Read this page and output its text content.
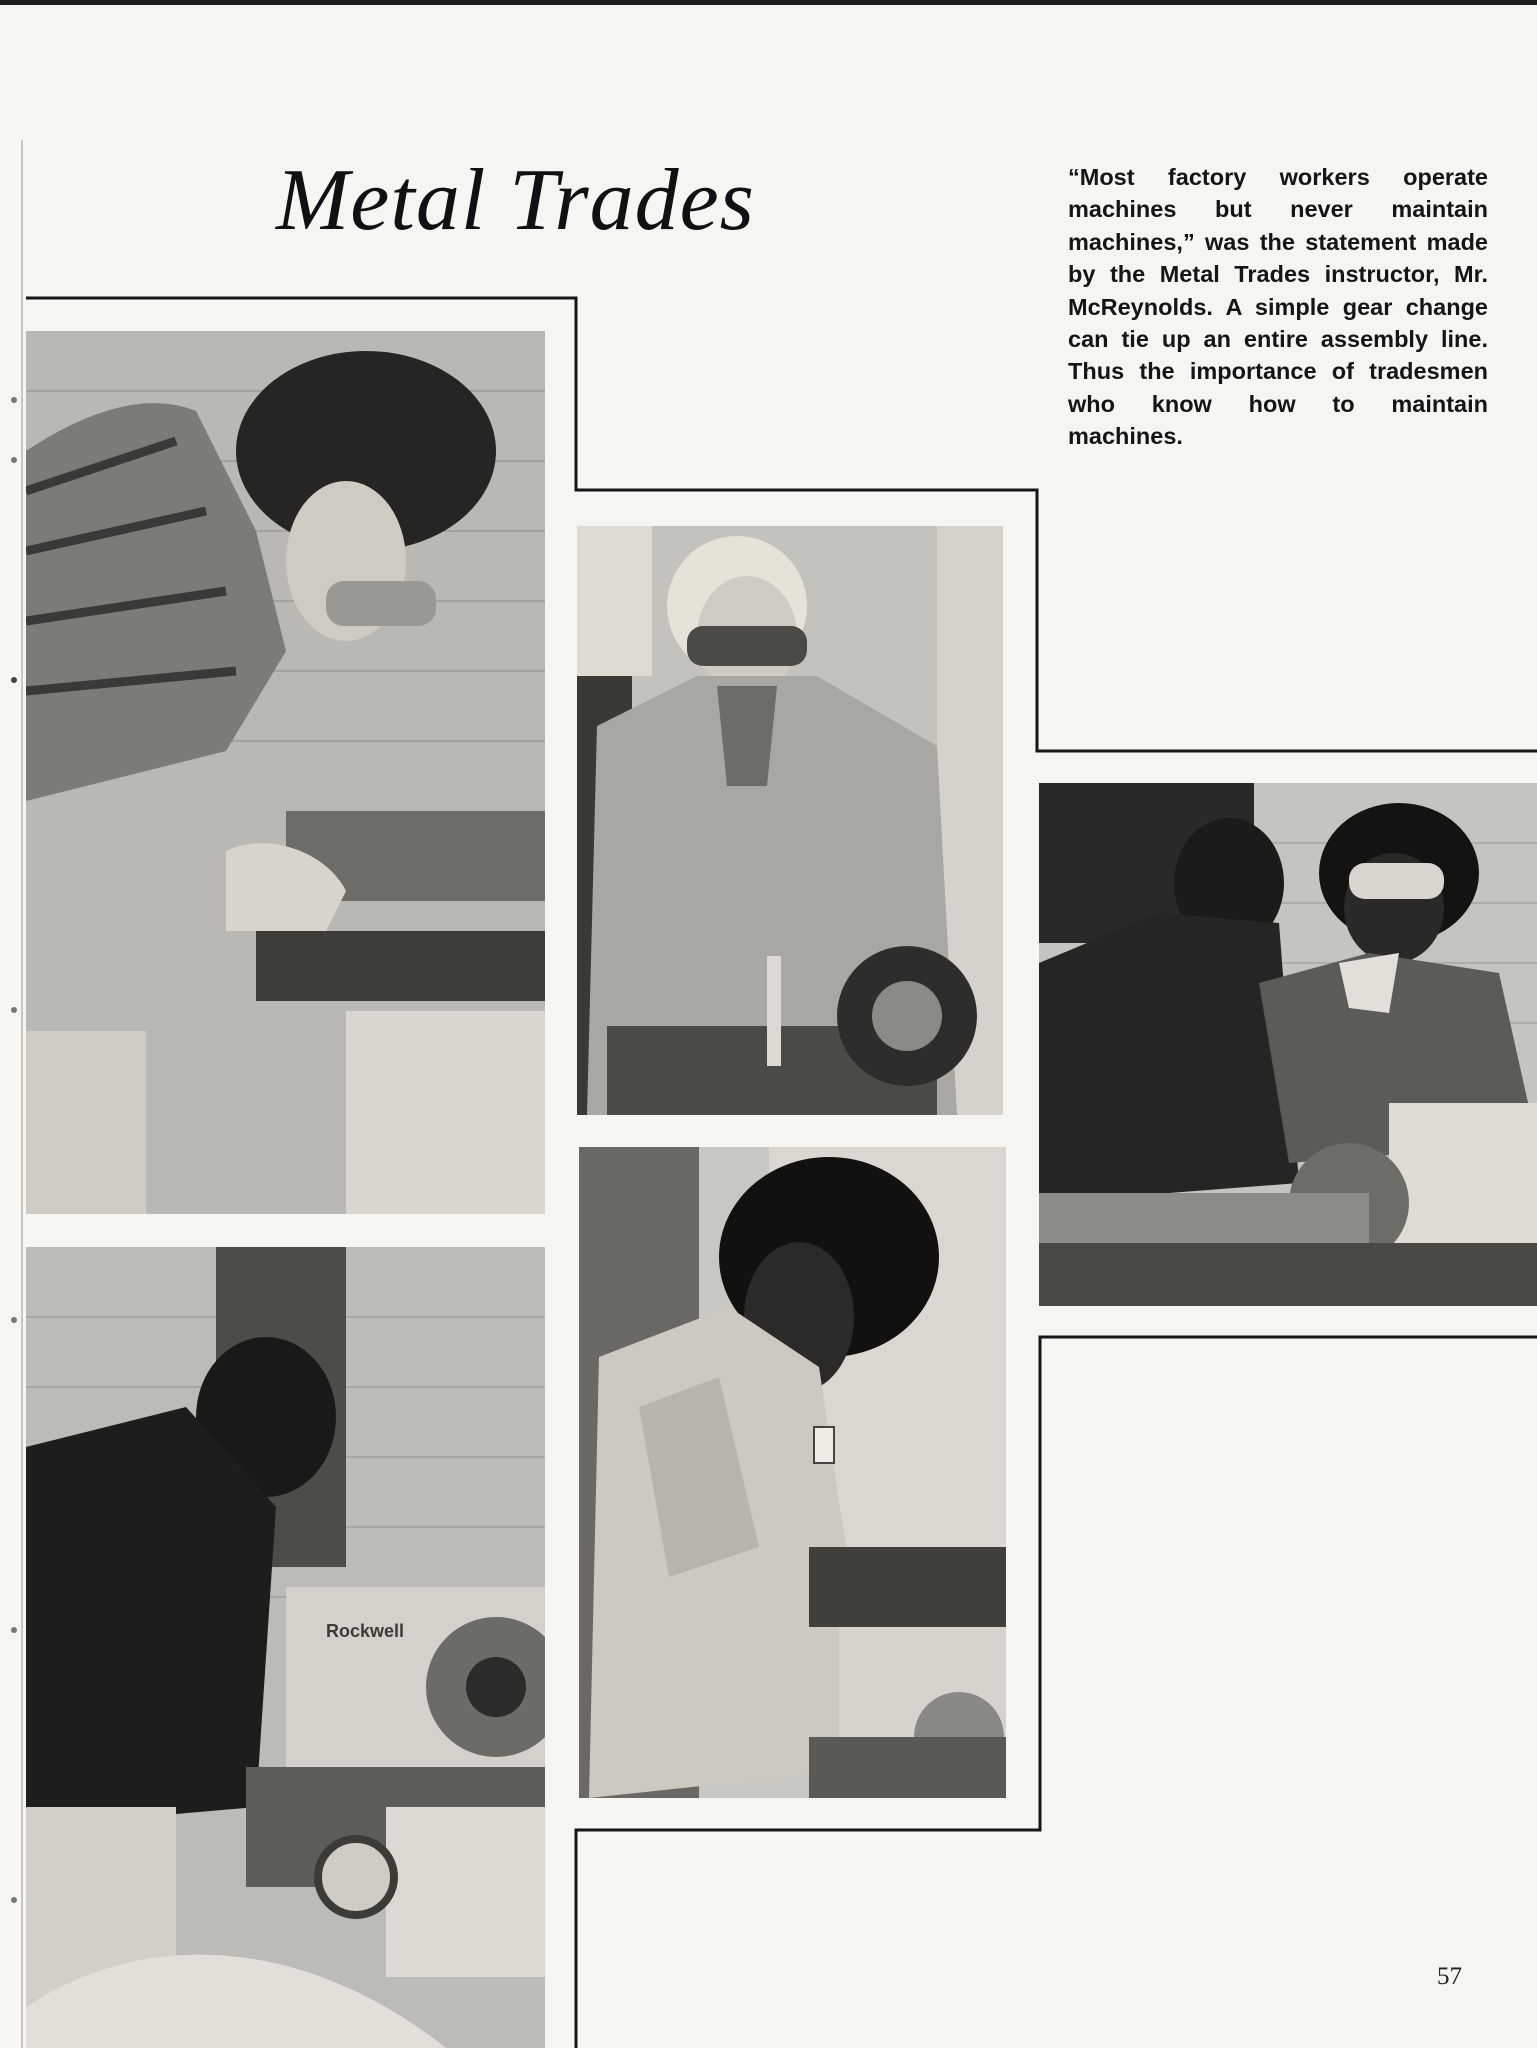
Metal Trades	“Most factory workers operate machines but never maintain machines,” was the statement made by the Metal Trades instructor, Mr. McReynolds. A simple gear change can tie up an entire assembly line. Thus the importance of tradesmen who know how to maintain machines.

Rockwell

57
